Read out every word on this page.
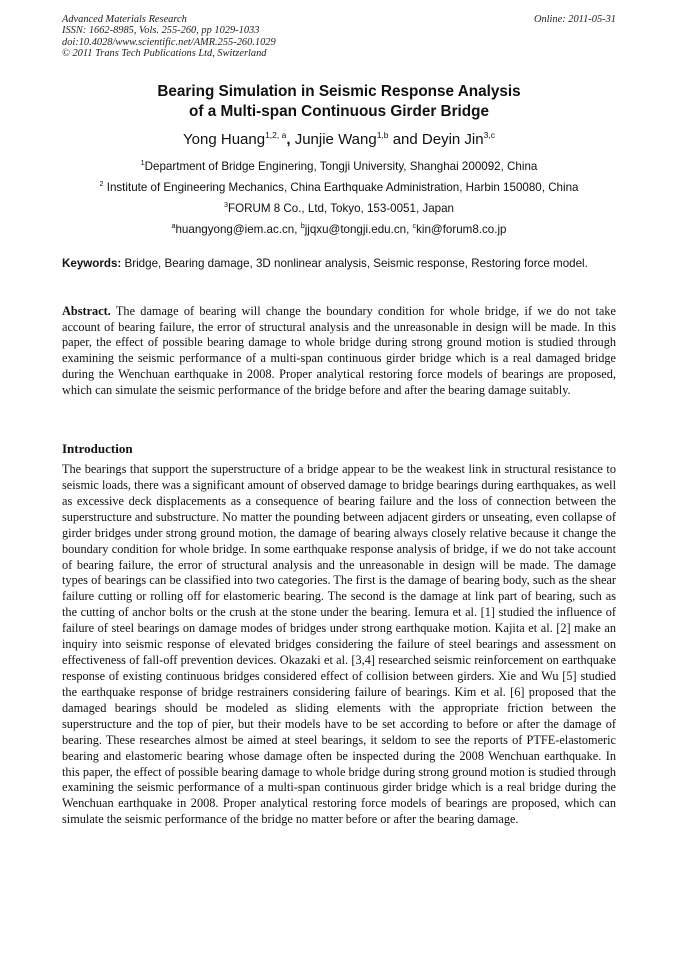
Advanced Materials Research	Online: 2011-05-31
ISSN: 1662-8985, Vols. 255-260, pp 1029-1033
doi:10.4028/www.scientific.net/AMR.255-260.1029
© 2011 Trans Tech Publications Ltd, Switzerland
Bearing Simulation in Seismic Response Analysis
of a Multi-span Continuous Girder Bridge
Yong Huang$^{1,2, a}$, Junjie Wang$^{1,b}$ and Deyin Jin$^{3,c}$
$^1$Department of Bridge Enginering, Tongji University, Shanghai 200092, China
$^2$ Institute of Engineering Mechanics, China Earthquake Administration, Harbin 150080, China
$^3$FORUM 8 Co., Ltd, Tokyo, 153-0051, Japan
$^a$huangyong@iem.ac.cn, $^b$jjqxu@tongji.edu.cn, $^c$kin@forum8.co.jp
Keywords: Bridge, Bearing damage, 3D nonlinear analysis, Seismic response, Restoring force model.
Abstract. The damage of bearing will change the boundary condition for whole bridge, if we do not take account of bearing failure, the error of structural analysis and the unreasonable in design will be made. In this paper, the effect of possible bearing damage to whole bridge during strong ground motion is studied through examining the seismic performance of a multi-span continuous girder bridge which is a real damaged bridge during the Wenchuan earthquake in 2008. Proper analytical restoring force models of bearings are proposed, which can simulate the seismic performance of the bridge before and after the bearing damage suitably.
Introduction
The bearings that support the superstructure of a bridge appear to be the weakest link in structural resistance to seismic loads, there was a significant amount of observed damage to bridge bearings during earthquakes, as well as excessive deck displacements as a consequence of bearing failure and the loss of connection between the superstructure and substructure. No matter the pounding between adjacent girders or unseating, even collapse of girder bridges under strong ground motion, the damage of bearing always closely relative because it change the boundary condition for whole bridge. In some earthquake response analysis of bridge, if we do not take account of bearing failure, the error of structural analysis and the unreasonable in design will be made. The damage types of bearings can be classified into two categories. The first is the damage of bearing body, such as the shear failure cutting or rolling off for elastomeric bearing. The second is the damage at link part of bearing, such as the cutting of anchor bolts or the crush at the stone under the bearing. Iemura et al. [1] studied the influence of failure of steel bearings on damage modes of bridges under strong earthquake motion. Kajita et al. [2] make an inquiry into seismic response of elevated bridges considering the failure of steel bearings and assessment on effectiveness of fall-off prevention devices. Okazaki et al. [3,4] researched seismic reinforcement on earthquake response of existing continuous bridges considered effect of collision between girders. Xie and Wu [5] studied the earthquake response of bridge restrainers considering failure of bearings. Kim et al. [6] proposed that the damaged bearings should be modeled as sliding elements with the appropriate friction between the superstructure and the top of pier, but their models have to be set according to before or after the damage of bearing. These researches almost be aimed at steel bearings, it seldom to see the reports of PTFE-elastomeric bearing and elastomeric bearing whose damage often be inspected during the 2008 Wenchuan earthquake. In this paper, the effect of possible bearing damage to whole bridge during strong ground motion is studied through examining the seismic performance of a multi-span continuous girder bridge which is a real bridge during the Wenchuan earthquake in 2008. Proper analytical restoring force models of bearings are proposed, which can simulate the seismic performance of the bridge no matter before or after the bearing damage.
